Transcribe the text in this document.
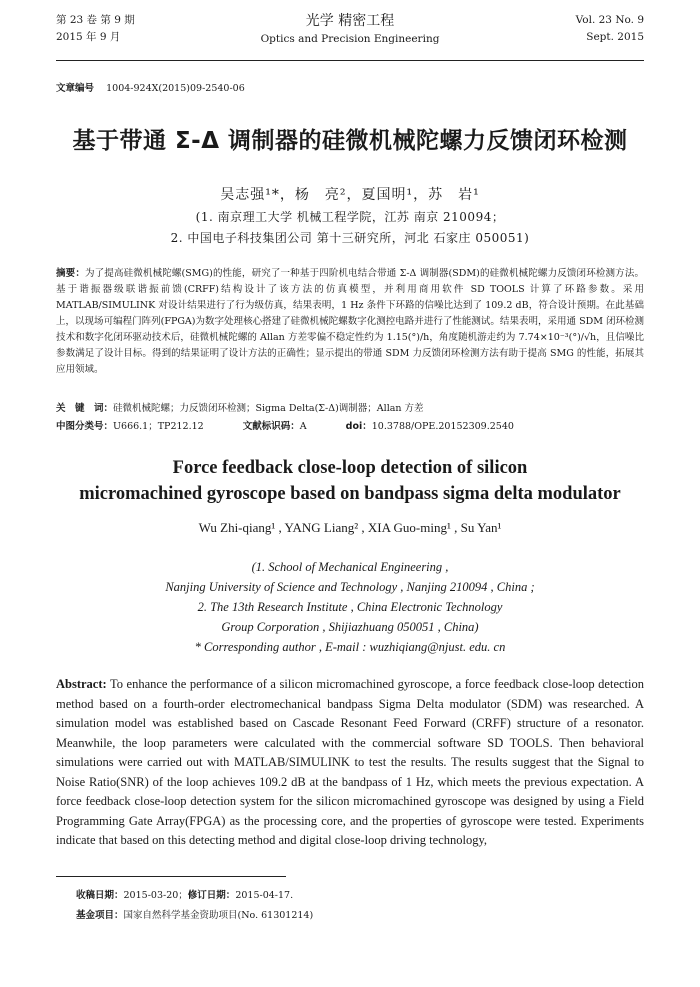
第 23 卷 第 9 期
2015 年 9 月
光学 精密工程
Optics and Precision Engineering
Vol. 23 No. 9
Sept. 2015
文章编号 1004-924X(2015)09-2540-06
基于带通 Σ-Δ 调制器的硅微机械陀螺力反馈闭环检测
吴志强¹*，杨　亮²，夏国明¹，苏　岩¹
(1. 南京理工大学 机械工程学院，江苏 南京 210094；
2. 中国电子科技集团公司 第十三研究所，河北 石家庄 050051)
摘要：为了提高硅微机械陀螺(SMG)的性能，研究了一种基于四阶机电结合带通 Σ-Δ 调制器(SDM)的硅微机械陀螺力反馈闭环检测方法。基于谐振器级联谐振前馈(CRFF)结构设计了该方法的仿真模型，并利用商用软件 SD TOOLS 计算了环路参数。采用 MATLAB/SIMULINK 对设计结果进行了行为级仿真，结果表明，1 Hz 条件下环路的信噪比达到了 109.2 dB，符合设计预期。在此基础上，以现场可编程门阵列(FPGA)为数字处理核心搭建了硅微机械陀螺数字化测控电路并进行了性能测试。结果表明，采用通 SDM 闭环检测技术和数字化闭环驱动技术后，硅微机械陀螺的 Allan 方差零偏不稳定性约为 1.15(°)/h，角度随机游走约为 7.74×10⁻³(°)/√h，且信噪比参数满足了设计目标。得到的结果证明了设计方法的正确性；显示提出的带通 SDM 力反馈闭环检测方法有助于提高 SMG 的性能，拓展其应用领域。
关　键　词：硅微机械陀螺；力反馈闭环检测；Sigma Delta(Σ-Δ)调制器；Allan 方差
中图分类号：U666.1；TP212.12	文献标识码：A	doi：10.3788/OPE.20152309.2540
Force feedback close-loop detection of silicon
micromachined gyroscope based on bandpass sigma delta modulator
Wu Zhi-qiang¹ , YANG Liang² , XIA Guo-ming¹ , Su Yan¹
(1. School of Mechanical Engineering ,
Nanjing University of Science and Technology , Nanjing 210094 , China ;
2. The 13th Research Institute , China Electronic Technology
Group Corporation , Shijiazhuang 050051 , China)
* Corresponding author , E-mail : wuzhiqiang@njust. edu. cn
Abstract: To enhance the performance of a silicon micromachined gyroscope, a force feedback close-loop detection method based on a fourth-order electromechanical bandpass Sigma Delta modulator (SDM) was researched. A simulation model was established based on Cascade Resonant Feed Forward (CRFF) structure of a resonator. Meanwhile, the loop parameters were calculated with the commercial software SD TOOLS. Then behavioral simulations were carried out with MATLAB/SIMULINK to test the results. The results suggest that the Signal to Noise Ratio(SNR) of the loop achieves 109.2 dB at the bandpass of 1 Hz, which meets the previous expectation. A force feedback close-loop detection system for the silicon micromachined gyroscope was designed by using a Field Programming Gate Array(FPGA) as the processing core, and the properties of gyroscope were tested. Experiments indicate that based on this detecting method and digital close-loop driving technology,
收稿日期：2015-03-20；修订日期：2015-04-17.
基金项目：国家自然科学基金资助项目(No. 61301214)
